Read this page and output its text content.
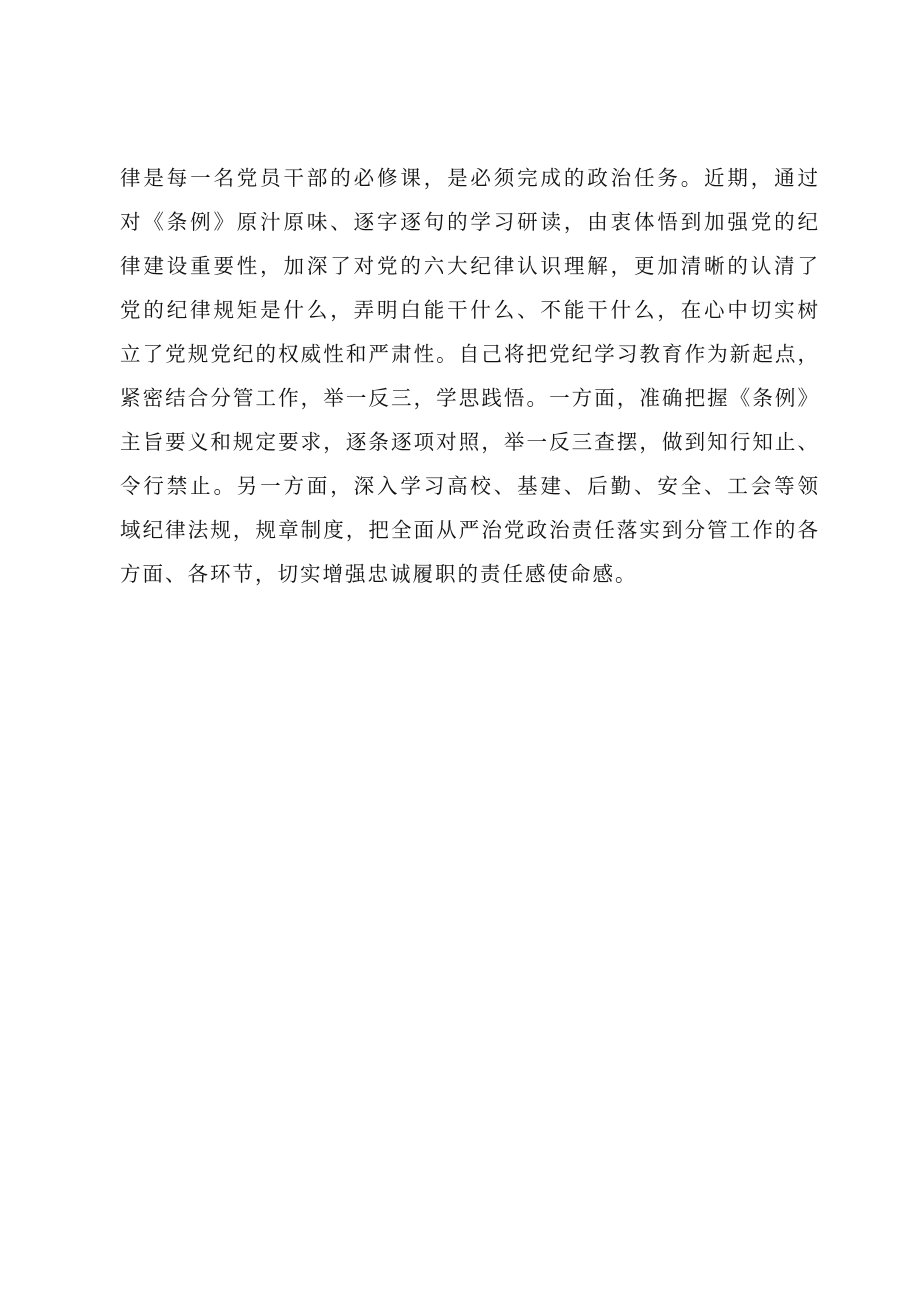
律是每一名党员干部的必修课，是必须完成的政治任务。近期，通过
对《条例》原汁原味、逐字逐句的学习研读，由衷体悟到加强党的纪
律建设重要性，加深了对党的六大纪律认识理解，更加清晰的认清了
党的纪律规矩是什么，弄明白能干什么、不能干什么，在心中切实树
立了党规党纪的权威性和严肃性。自己将把党纪学习教育作为新起点，
紧密结合分管工作，举一反三，学思践悟。一方面，准确把握《条例》
主旨要义和规定要求，逐条逐项对照，举一反三查摆，做到知行知止、
令行禁止。另一方面，深入学习高校、基建、后勤、安全、工会等领
域纪律法规，规章制度，把全面从严治党政治责任落实到分管工作的各
方面、各环节，切实增强忠诚履职的责任感使命感。
